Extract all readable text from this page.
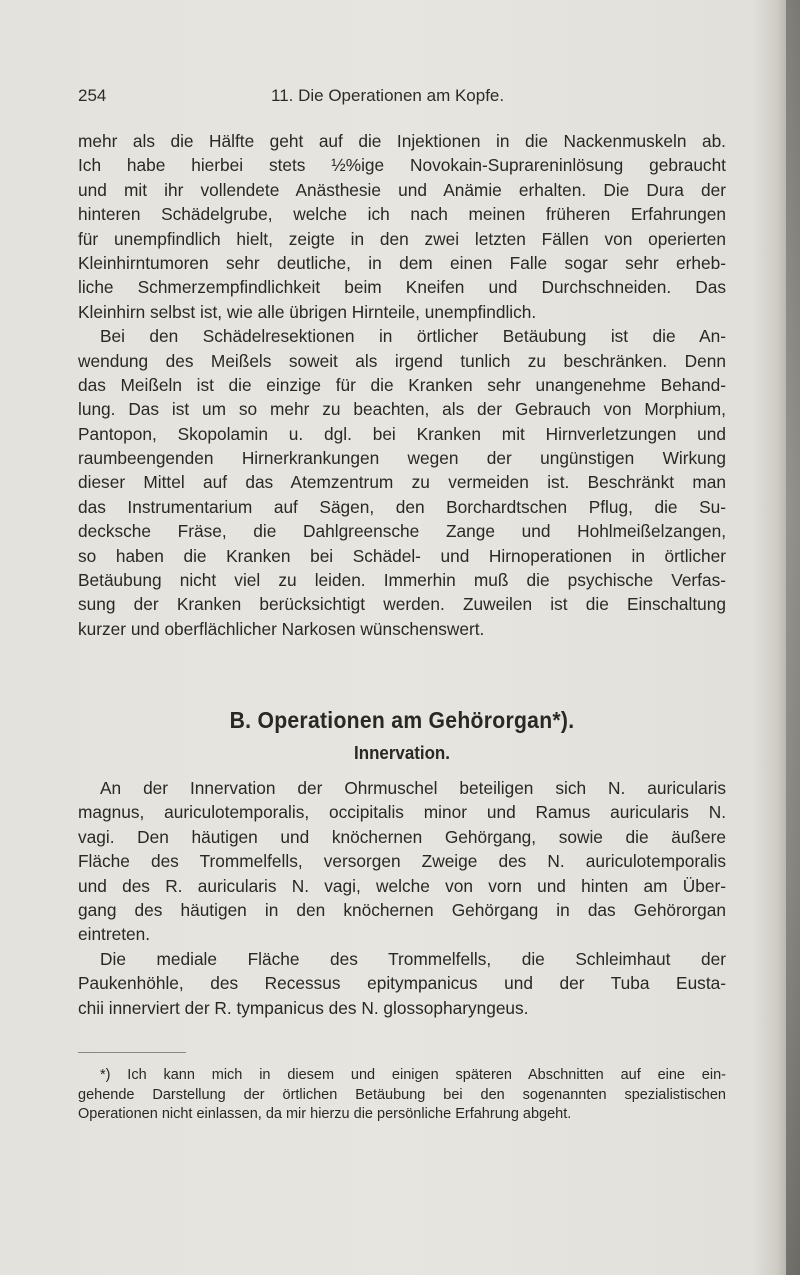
254	11. Die Operationen am Kopfe.
mehr als die Hälfte geht auf die Injektionen in die Nackenmuskeln ab.
Ich habe hierbei stets ½%ige Novokain-Suprareninlösung gebraucht
und mit ihr vollendete Anästhesie und Anämie erhalten. Die Dura der
hinteren Schädelgrube, welche ich nach meinen früheren Erfahrungen
für unempfindlich hielt, zeigte in den zwei letzten Fällen von operierten
Kleinhirntumoren sehr deutliche, in dem einen Falle sogar sehr erheb-
liche Schmerzempfindlichkeit beim Kneifen und Durchschneiden. Das
Kleinhirn selbst ist, wie alle übrigen Hirnteile, unempfindlich.
Bei den Schädelresektionen in örtlicher Betäubung ist die An-
wendung des Meißels soweit als irgend tunlich zu beschränken. Denn
das Meißeln ist die einzige für die Kranken sehr unangenehme Behand-
lung. Das ist um so mehr zu beachten, als der Gebrauch von Morphium,
Pantopon, Skopolamin u. dgl. bei Kranken mit Hirnverletzungen und
raumbeengenden Hirnerkrankungen wegen der ungünstigen Wirkung
dieser Mittel auf das Atemzentrum zu vermeiden ist. Beschränkt man
das Instrumentarium auf Sägen, den Borchardtschen Pflug, die Su-
decksche Fräse, die Dahlgreensche Zange und Hohlmeißelzangen,
so haben die Kranken bei Schädel- und Hirnoperationen in örtlicher
Betäubung nicht viel zu leiden. Immerhin muß die psychische Verfas-
sung der Kranken berücksichtigt werden. Zuweilen ist die Einschaltung
kurzer und oberflächlicher Narkosen wünschenswert.
B. Operationen am Gehörorgan*).
Innervation.
An der Innervation der Ohrmuschel beteiligen sich N. auricularis
magnus, auriculotemporalis, occipitalis minor und Ramus auricularis N.
vagi. Den häutigen und knöchernen Gehörgang, sowie die äußere
Fläche des Trommelfells, versorgen Zweige des N. auriculotemporalis
und des R. auricularis N. vagi, welche von vorn und hinten am Über-
gang des häutigen in den knöchernen Gehörgang in das Gehörorgan
eintreten.
Die mediale Fläche des Trommelfells, die Schleimhaut der
Paukenhöhle, des Recessus epitympanicus und der Tuba Eusta-
chii innerviert der R. tympanicus des N. glossopharyngeus.
*) Ich kann mich in diesem und einigen späteren Abschnitten auf eine ein-
gehende Darstellung der örtlichen Betäubung bei den sogenannten spezialistischen
Operationen nicht einlassen, da mir hierzu die persönliche Erfahrung abgeht.
